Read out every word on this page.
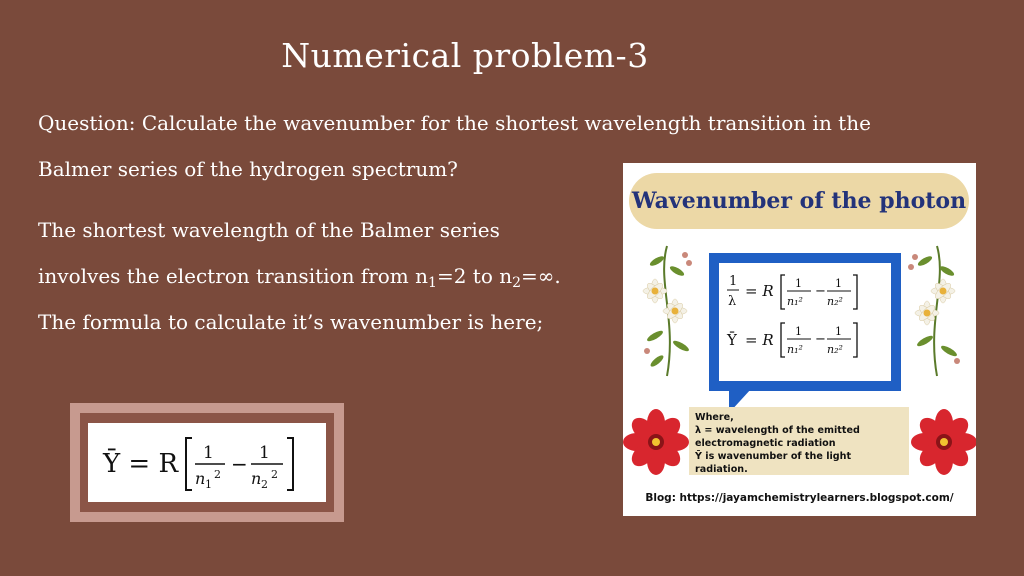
Numerical problem-3
Question: Calculate the wavenumber for the shortest wavelength transition in the Balmer series of the hydrogen spectrum?
The shortest wavelength of the Balmer series involves the electron transition from $n_1=2$ to $n_2=\infty$. The formula to calculate it’s wavenumber is here;
Ῡ = R 1
n 1
2 − 1
n 2
2
Wavenumber of the photon
1
λ
= R 1
n₁²
−
1
n₂²
Ῡ = R 1
n₁²
−
1
n₂²
Where,
λ = wavelength of the emitted electromagnetic radiation
Ῡ is wavenumber of the light radiation.
Blog: https://jayamchemistrylearners.blogspot.com/
